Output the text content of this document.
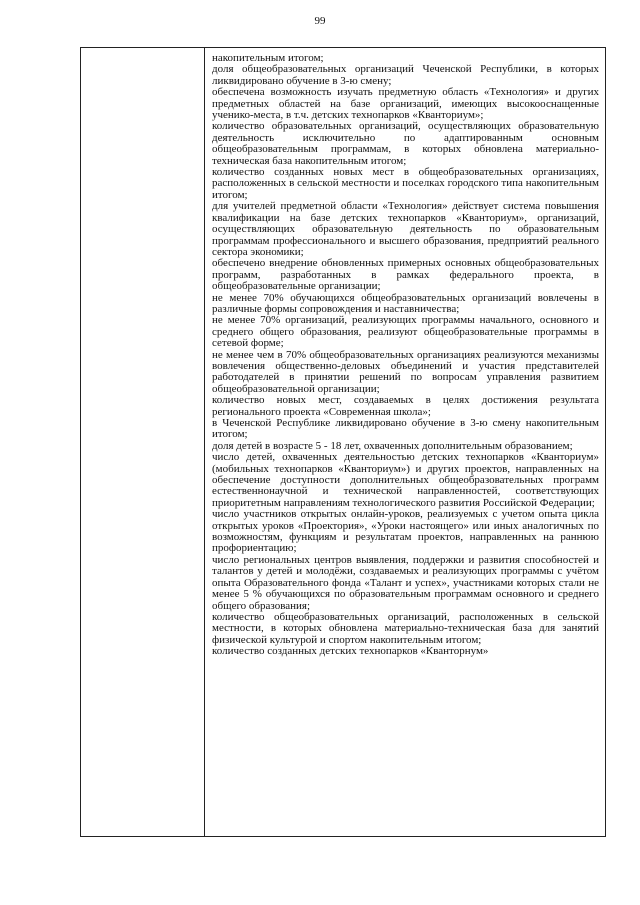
99

накопительным итогом;

доля общеобразовательных организаций Чеченской Республики, в которых ликвидировано обучение в 3-ю смену;

обеспечена возможность изучать предметную область «Технология» и других предметных областей на базе организаций, имеющих высокооснащенные ученико-места, в т.ч. детских технопарков «Кванториум»;

количество образовательных организаций, осуществляющих образовательную деятельность исключительно по адаптированным основным общеобразовательным программам, в которых обновлена материально-техническая база накопительным итогом;

количество созданных новых мест в общеобразовательных организациях, расположенных в сельской местности и поселках городского типа накопительным итогом;

для учителей предметной области «Технология» действует система повышения квалификации на базе детских технопарков «Кванториум», организаций, осуществляющих образовательную деятельность по образовательным программам профессионального и высшего образования, предприятий реального сектора экономики;

обеспечено внедрение обновленных примерных основных общеобразовательных программ, разработанных в рамках федерального проекта, в общеобразовательные организации;

не менее 70% обучающихся общеобразовательных организаций вовлечены в различные формы сопровождения и наставничества;

не менее 70% организаций, реализующих программы начального, основного и среднего общего образования, реализуют общеобразовательные программы в сетевой форме;

не менее чем в 70% общеобразовательных организациях реализуются механизмы вовлечения общественно-деловых объединений и участия представителей работодателей в принятии решений по вопросам управления развитием общеобразовательной организации;

количество новых мест, создаваемых в целях достижения результата регионального проекта «Современная школа»;

в Чеченской Республике ликвидировано обучение в 3-ю смену накопительным итогом;

доля детей в возрасте 5 - 18 лет, охваченных дополнительным образованием;

число детей, охваченных деятельностью детских технопарков «Кванториум» (мобильных технопарков «Кванториум») и других проектов, направленных на обеспечение доступности дополнительных общеобразовательных программ естественнонаучной и технической направленностей, соответствующих приоритетным направлениям технологического развития Российской Федерации;

число участников открытых онлайн-уроков, реализуемых с учетом опыта цикла открытых уроков «Проектория», «Уроки настоящего» или иных аналогичных по возможностям, функциям и результатам проектов, направленных на раннюю профориентацию;

число региональных центров выявления, поддержки и развития способностей и талантов у детей и молодёжи, создаваемых и реализующих программы с учётом опыта Образовательного фонда «Талант и успех», участниками которых стали не менее 5 % обучающихся по образовательным программам основного и среднего общего образования;

количество общеобразовательных организаций, расположенных в сельской местности, в которых обновлена материально-техническая база для занятий физической культурой и спортом накопительным итогом;

количество созданных детских технопарков «Кванторнум»
